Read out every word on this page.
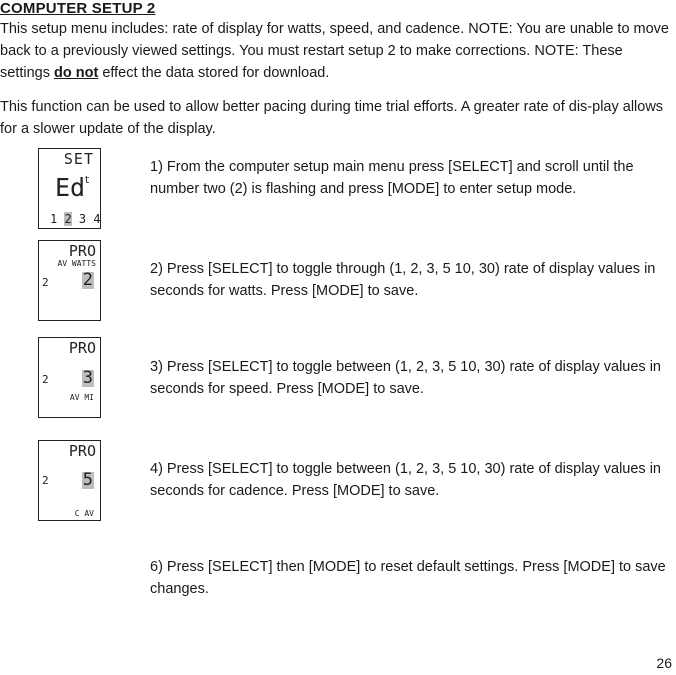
COMPUTER SETUP 2

This setup menu includes: rate of display for watts, speed, and cadence. NOTE: You are unable to move back to a previously viewed settings. You must restart setup 2 to make corrections. NOTE: These settings do not effect the data stored for download.

This function can be used to allow better pacing during time trial efforts. A greater rate of dis-play allows for a slower update of the display.

SET
Ed
t
1 2 3 4
PRO
AV WATTS
2 2
PRO
2 3
AV MI
PRO
2 5
C AV

1) From the computer setup main menu press [SELECT] and scroll until the number two (2) is flashing and press [MODE] to enter setup mode.

2) Press [SELECT] to toggle through (1, 2, 3, 5 10, 30) rate of display values in seconds for watts. Press [MODE] to save.

3) Press [SELECT] to toggle between (1, 2, 3, 5 10, 30) rate of display values in seconds for speed. Press [MODE] to save.

4) Press [SELECT] to toggle between (1, 2, 3, 5 10, 30) rate of display values in seconds for cadence. Press [MODE] to save.

6) Press [SELECT] then [MODE] to reset default settings. Press [MODE] to save changes.

26
